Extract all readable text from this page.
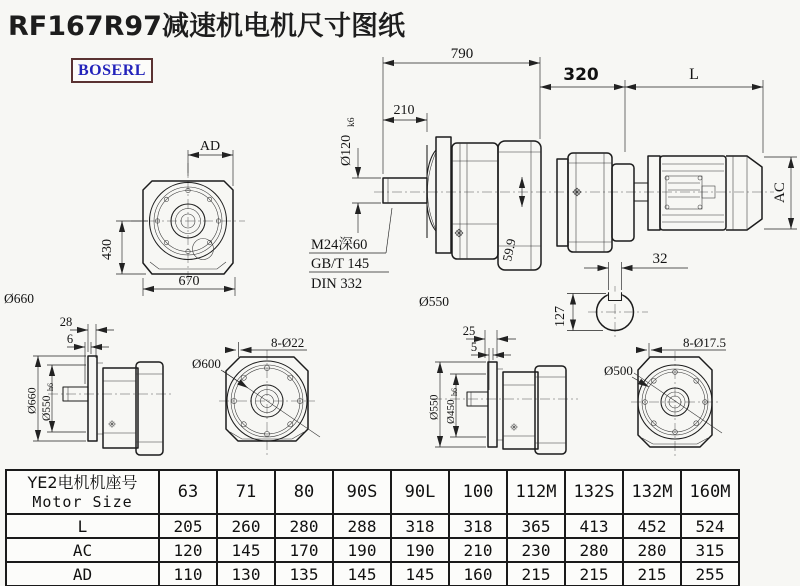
RF167R97减速机电机尺寸图纸
BOSERL
AD
430
670
Ø660
790
210
320	L
AC
Ø120
k6
59.9
M24深60
GB/T 145
DIN 332
Ø550
32
127
Ø660 Ø550
h6
28
6	8-Ø22
Ø600
Ø550 Ø450
h6
25
5	8-Ø17.5
Ø500
YE2电机机座号
Motor Size	63	71	80	90S	90L	100	112M	132S	132M	160M
L	205	260	280	288	318	318	365	413	452	524
AC	120	145	170	190	190	210	230	280	280	315
AD	110	130	135	145	145	160	215	215	215	255
